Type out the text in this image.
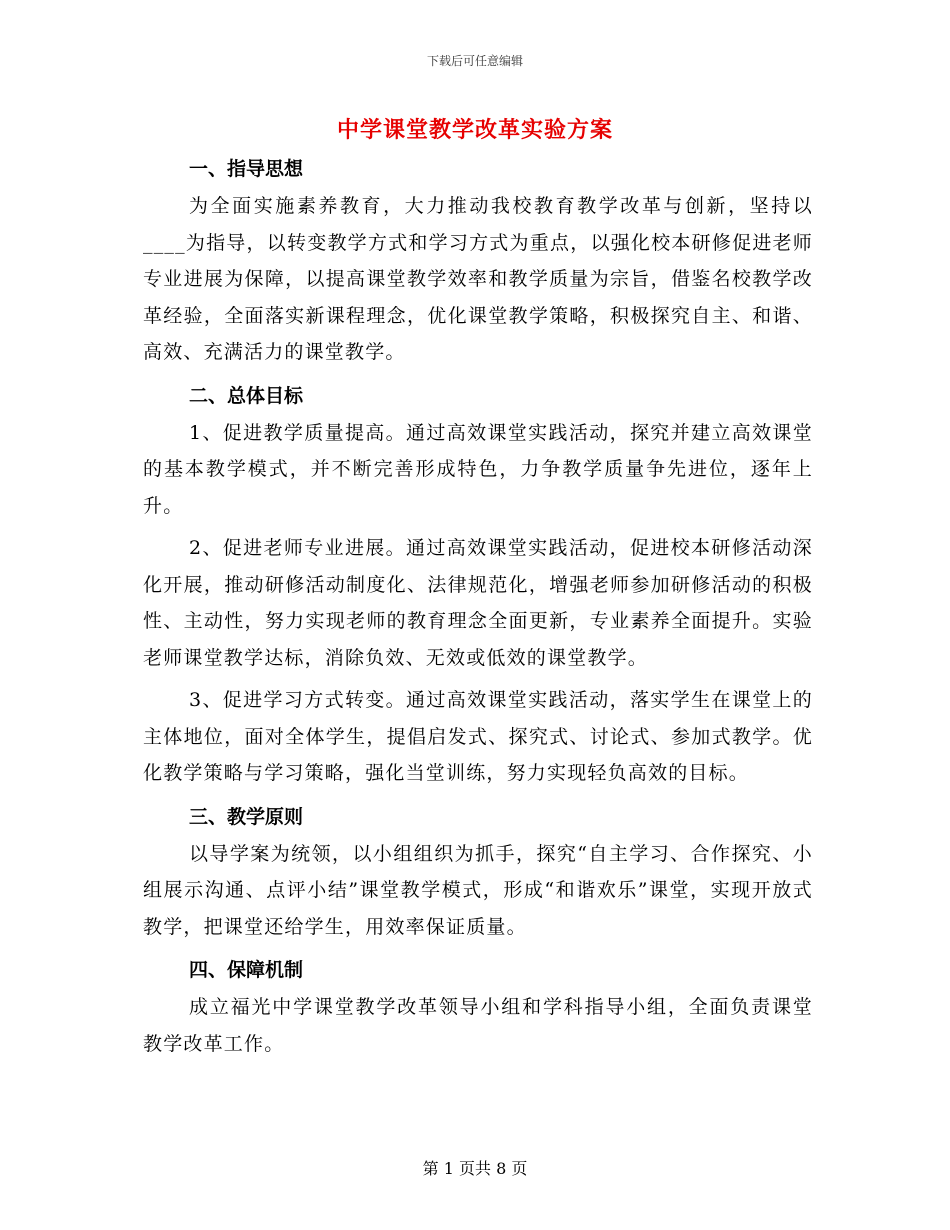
下载后可任意编辑
中学课堂教学改革实验方案
一、指导思想

为全面实施素养教育，大力推动我校教育教学改革与创新，坚持以____为指导，以转变教学方式和学习方式为重点，以强化校本研修促进老师专业进展为保障，以提高课堂教学效率和教学质量为宗旨，借鉴名校教学改革经验，全面落实新课程理念，优化课堂教学策略，积极探究自主、和谐、高效、充满活力的课堂教学。

二、总体目标

1、促进教学质量提高。通过高效课堂实践活动，探究并建立高效课堂的基本教学模式，并不断完善形成特色，力争教学质量争先进位，逐年上升。

2、促进老师专业进展。通过高效课堂实践活动，促进校本研修活动深化开展，推动研修活动制度化、法律规范化，增强老师参加研修活动的积极性、主动性，努力实现老师的教育理念全面更新，专业素养全面提升。实验老师课堂教学达标，消除负效、无效或低效的课堂教学。

3、促进学习方式转变。通过高效课堂实践活动，落实学生在课堂上的主体地位，面对全体学生，提倡启发式、探究式、讨论式、参加式教学。优化教学策略与学习策略，强化当堂训练，努力实现轻负高效的目标。

三、教学原则

以导学案为统领，以小组组织为抓手，探究“自主学习、合作探究、小组展示沟通、点评小结”课堂教学模式，形成“和谐欢乐”课堂，实现开放式教学，把课堂还给学生，用效率保证质量。

四、保障机制

成立福光中学课堂教学改革领导小组和学科指导小组，全面负责课堂教学改革工作。

第 1 页共 8 页
